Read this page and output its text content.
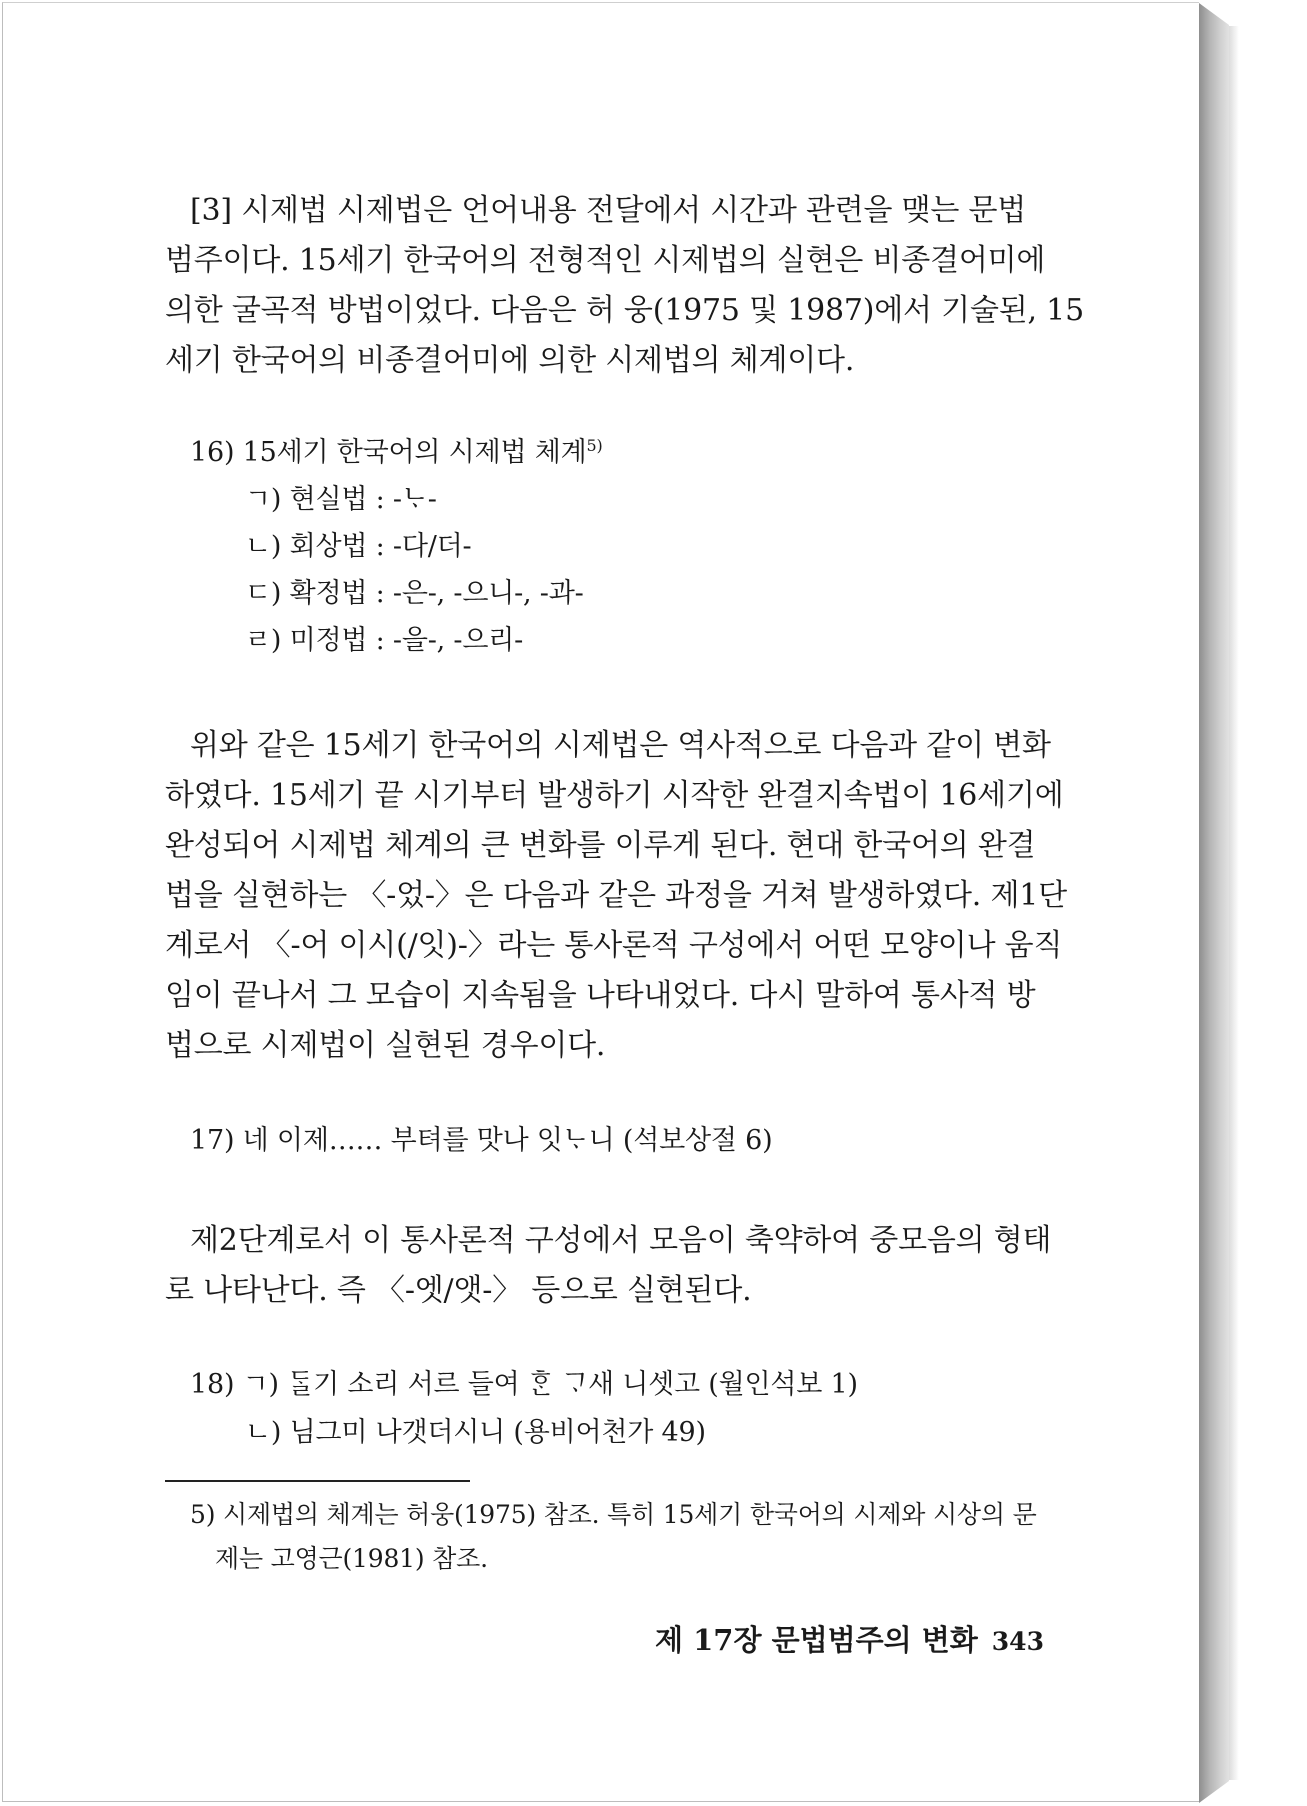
[3] 시제법 시제법은 언어내용 전달에서 시간과 관련을 맺는 문법
범주이다. 15세기 한국어의 전형적인 시제법의 실현은 비종결어미에
의한 굴곡적 방법이었다. 다음은 허 웅(1975 및 1987)에서 기술된, 15
세기 한국어의 비종결어미에 의한 시제법의 체계이다.
16) 15세기 한국어의 시제법 체계$^{5)}$
ㄱ) 현실법 : -ᄂᆞ-
ㄴ) 회상법 : -다/더-
ㄷ) 확정법 : -은-, -으니-, -과-
ㄹ) 미정법 : -을-, -으리-
위와 같은 15세기 한국어의 시제법은 역사적으로 다음과 같이 변화
하였다. 15세기 끝 시기부터 발생하기 시작한 완결지속법이 16세기에
완성되어 시제법 체계의 큰 변화를 이루게 된다. 현대 한국어의 완결
법을 실현하는 〈-었-〉은 다음과 같은 과정을 거쳐 발생하였다. 제1단
계로서 〈-어 이시(/잇)-〉라는 통사론적 구성에서 어떤 모양이나 움직
임이 끝나서 그 모습이 지속됨을 나타내었다. 다시 말하여 통사적 방
법으로 시제법이 실현된 경우이다.
17) 네 이제…… 부텨를 맛나 잇ᄂᆞ니 (석보상절 6)
제2단계로서 이 통사론적 구성에서 모음이 축약하여 중모음의 형태
로 나타난다. 즉 〈-엣/앳-〉 등으로 실현된다.
18) ㄱ) ᄃᆞᆯ기 소리 서르 들여 ᄒᆞᆫ ᄀᆞ새 니셋고 (월인석보 1)
ㄴ) 님그미 나갯더시니 (용비어천가 49)
5) 시제법의 체계는 허웅(1975) 참조. 특히 15세기 한국어의 시제와 시상의 문
제는 고영근(1981) 참조.
제 17장 문법범주의 변화 343
